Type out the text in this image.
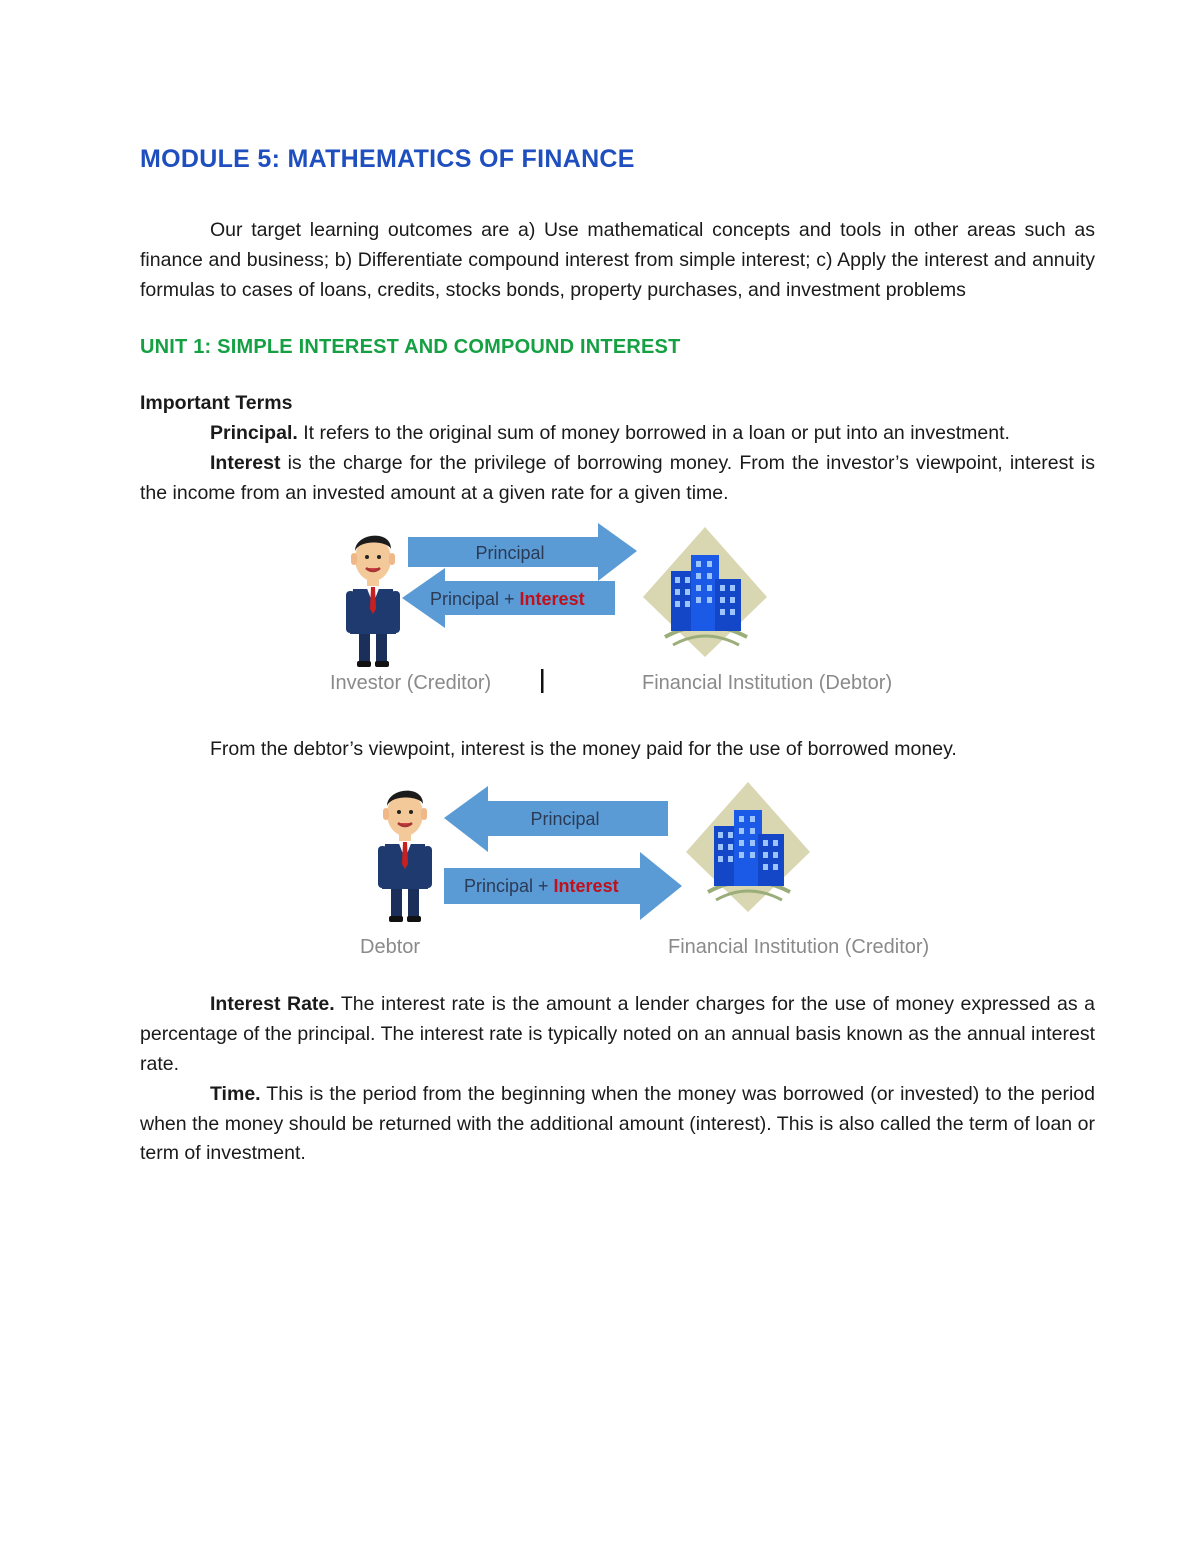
MODULE 5: MATHEMATICS OF FINANCE

Our target learning outcomes are a) Use mathematical concepts and tools in other areas such as finance and business; b) Differentiate compound interest from simple interest; c) Apply the interest and annuity formulas to cases of loans, credits, stocks bonds, property purchases, and investment problems

UNIT 1: SIMPLE INTEREST AND COMPOUND INTEREST
Important Terms

Principal. It refers to the original sum of money borrowed in a loan or put into an investment.

Interest is the charge for the privilege of borrowing money. From the investor’s viewpoint, interest is the income from an invested amount at a given rate for a given time.

Principal
Principal + Interest
Investor (Creditor)	Financial Institution (Debtor)

From the debtor’s viewpoint, interest is the money paid for the use of borrowed money.

Principal
Principal + Interest
Debtor	Financial Institution (Creditor)

Interest Rate. The interest rate is the amount a lender charges for the use of money expressed as a percentage of the principal. The interest rate is typically noted on an annual basis known as the annual interest rate.

Time. This is the period from the beginning when the money was borrowed (or invested) to the period when the money should be returned with the additional amount (interest). This is also called the term of loan or term of investment.
